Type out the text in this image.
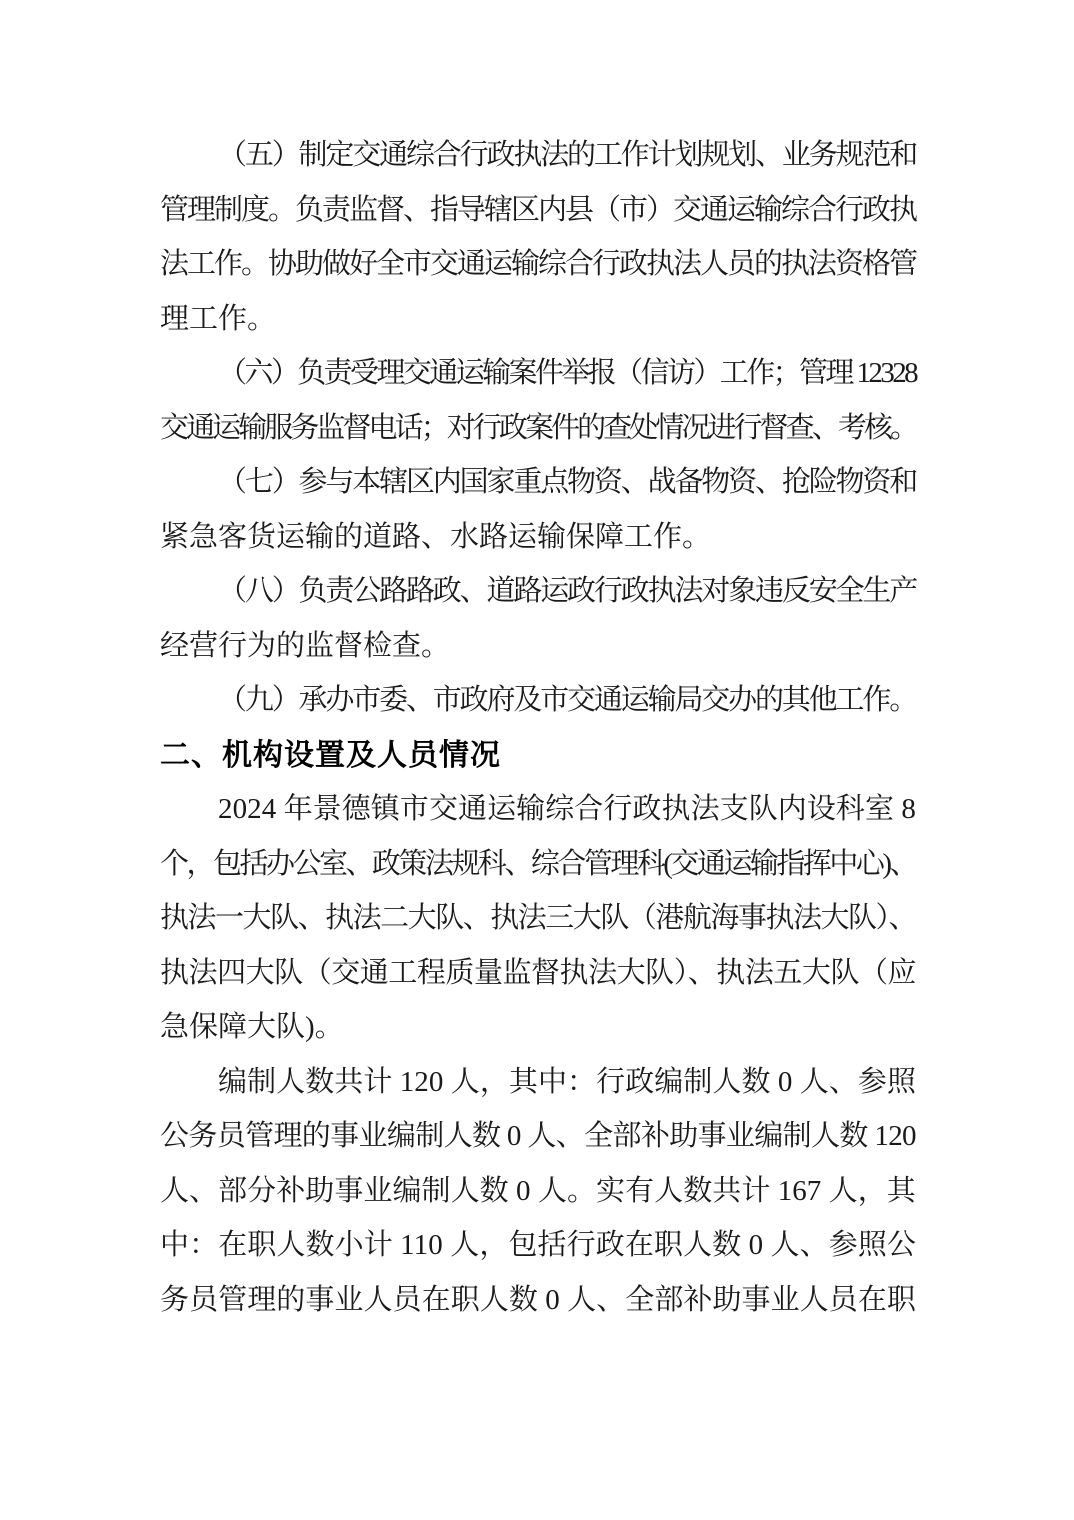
（五）制定交通综合行政执法的工作计划规划、业务规范和
管理制度。负责监督、指导辖区内县（市）交通运输综合行政执
法工作。协助做好全市交通运输综合行政执法人员的执法资格管
理工作。
（六）负责受理交通运输案件举报（信访）工作；管理 12328
交通运输服务监督电话；对行政案件的查处情况进行督查、考核。
（七）参与本辖区内国家重点物资、战备物资、抢险物资和
紧急客货运输的道路、水路运输保障工作。
（八）负责公路路政、道路运政行政执法对象违反安全生产
经营行为的监督检查。
（九）承办市委、市政府及市交通运输局交办的其他工作。
二、机构设置及人员情况
2024 年景德镇市交通运输综合行政执法支队内设科室 8
个，包括办公室、政策法规科、综合管理科(交通运输指挥中心)、
执法一大队、执法二大队、执法三大队（港航海事执法大队）、
执法四大队（交通工程质量监督执法大队）、执法五大队（应
急保障大队)。
编制人数共计 120 人，其中：行政编制人数 0 人、参照
公务员管理的事业编制人数 0 人、全部补助事业编制人数 120
人、部分补助事业编制人数 0 人。实有人数共计 167 人，其
中：在职人数小计 110 人，包括行政在职人数 0 人、参照公
务员管理的事业人员在职人数 0 人、全部补助事业人员在职
